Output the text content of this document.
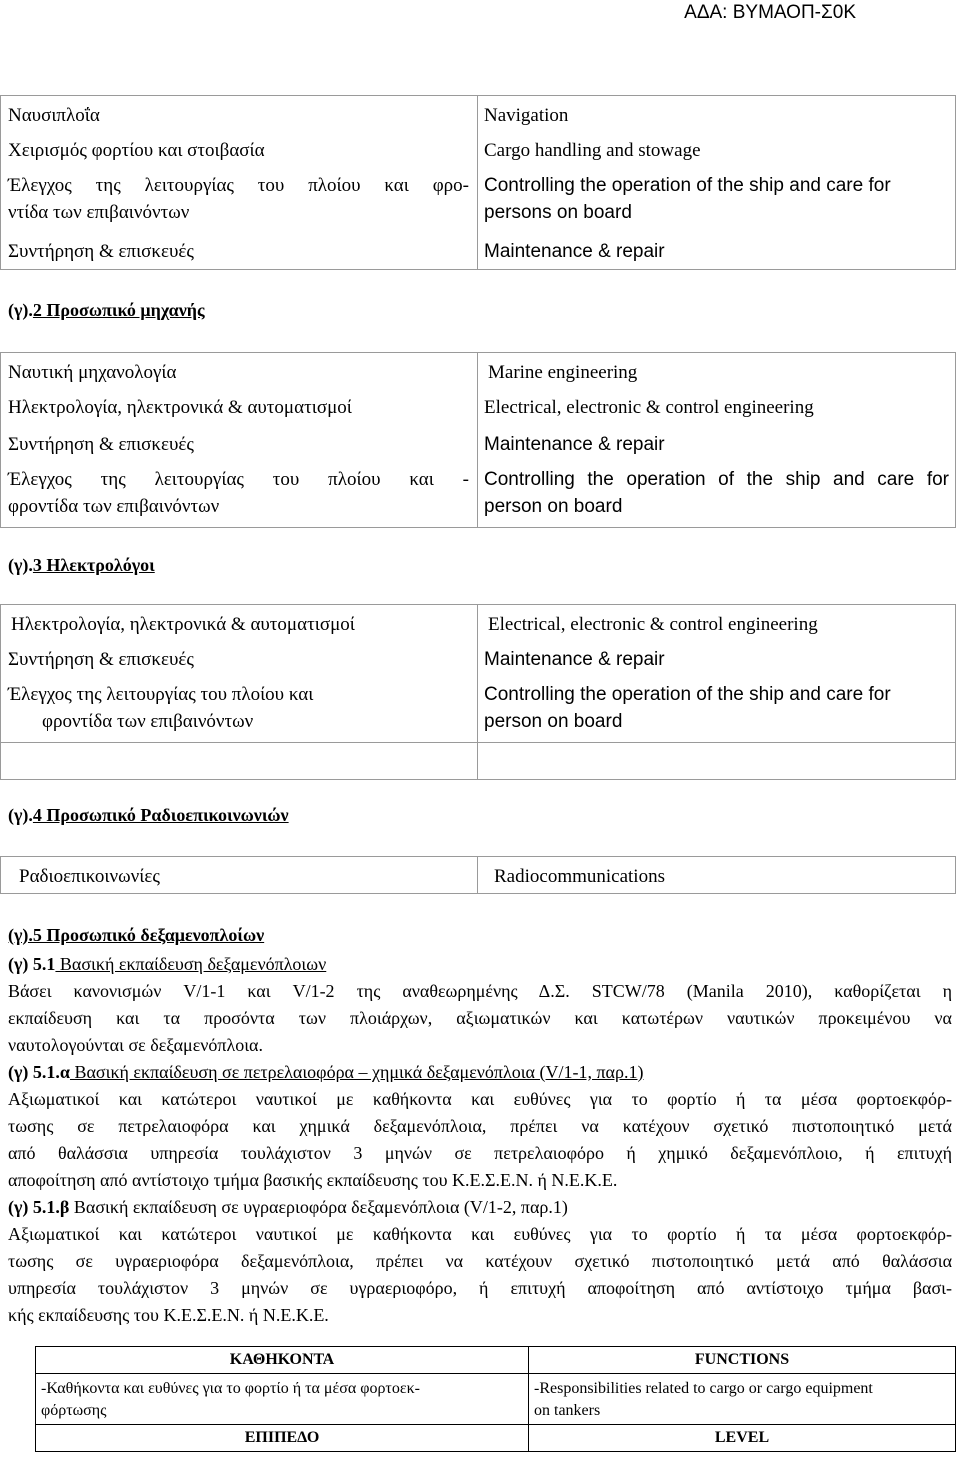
ΑΔΑ: ΒΥΜΑΟΠ-Σ0Κ
Ναυσιπλοΐα	Navigation

Χειρισμός φορτίου και στοιβασία	Cargo handling and stowage

Έλεγχος της λειτουργίας του πλοίου και φρο-
ντίδα των επιβαινόντων	Controlling the operation of the ship and care for
persons on board

Συντήρηση & επισκευές	Maintenance & repair
(γ).2 Προσωπικό μηχανής
Ναυτική μηχανολογία	Marine engineering

Ηλεκτρολογία, ηλεκτρονικά & αυτοματισμοί	Electrical, electronic & control engineering

Συντήρηση & επισκευές	Maintenance & repair

Έλεγχος της λειτουργίας του πλοίου και -
φροντίδα των επιβαινόντων	Controlling the operation of the ship and care for
person on board
(γ).3 Ηλεκτρολόγοι
Ηλεκτρολογία, ηλεκτρονικά & αυτοματισμοί	Electrical, electronic & control engineering

Συντήρηση & επισκευές	Maintenance & repair

Έλεγχος της λειτουργίας του πλοίου και
φροντίδα των επιβαινόντων	Controlling the operation of the ship and care for
person on board

(γ).4 Προσωπικό Ραδιοεπικοινωνιών
Ραδιοεπικοινωνίες	Radiocommunications
(γ).5 Προσωπικό δεξαμενοπλοίων
(γ) 5.1 Βασική εκπαίδευση δεξαμενόπλοιων
Βάσει κανονισμών V/1-1 και V/1-2 της αναθεωρημένης Δ.Σ. STCW/78 (Manila 2010), καθορίζεται η
εκπαίδευση και τα προσόντα των πλοιάρχων, αξιωματικών και κατωτέρων ναυτικών προκειμένου να
ναυτολογούνται σε δεξαμενόπλοια.
(γ) 5.1.α Βασική εκπαίδευση σε πετρελαιοφόρα – χημικά δεξαμενόπλοια (V/1-1, παρ.1)
Αξιωματικοί και κατώτεροι ναυτικοί με καθήκοντα και ευθύνες για το φορτίο ή τα μέσα φορτοεκφόρ-
τωσης σε πετρελαιοφόρα και χημικά δεξαμενόπλοια, πρέπει να κατέχουν σχετικό πιστοποιητικό μετά
από θαλάσσια υπηρεσία τουλάχιστον 3 μηνών σε πετρελαιοφόρο ή χημικό δεξαμενόπλοιο, ή επιτυχή
αποφοίτηση από αντίστοιχο τμήμα βασικής εκπαίδευσης του Κ.Ε.Σ.Ε.Ν. ή Ν.Ε.Κ.Ε.
(γ) 5.1.β Βασική εκπαίδευση σε υγραεριοφόρα δεξαμενόπλοια (V/1-2, παρ.1)
Αξιωματικοί και κατώτεροι ναυτικοί με καθήκοντα και ευθύνες για το φορτίο ή τα μέσα φορτοεκφόρ-
τωσης σε υγραεριοφόρα δεξαμενόπλοια, πρέπει να κατέχουν σχετικό πιστοποιητικό μετά από θαλάσσια
υπηρεσία τουλάχιστον 3 μηνών σε υγραεριοφόρο, ή επιτυχή αποφοίτηση από αντίστοιχο τμήμα βασι-
κής εκπαίδευσης του Κ.Ε.Σ.Ε.Ν. ή Ν.Ε.Κ.Ε.
ΚΑΘΗΚΟΝΤΑ	FUNCTIONS

-Καθήκοντα και ευθύνες για το φορτίο ή τα μέσα φορτοεκ-
φόρτωσης	-Responsibilities related to cargo or cargo equipment
on tankers

ΕΠΙΠΕΔΟ	LEVEL
